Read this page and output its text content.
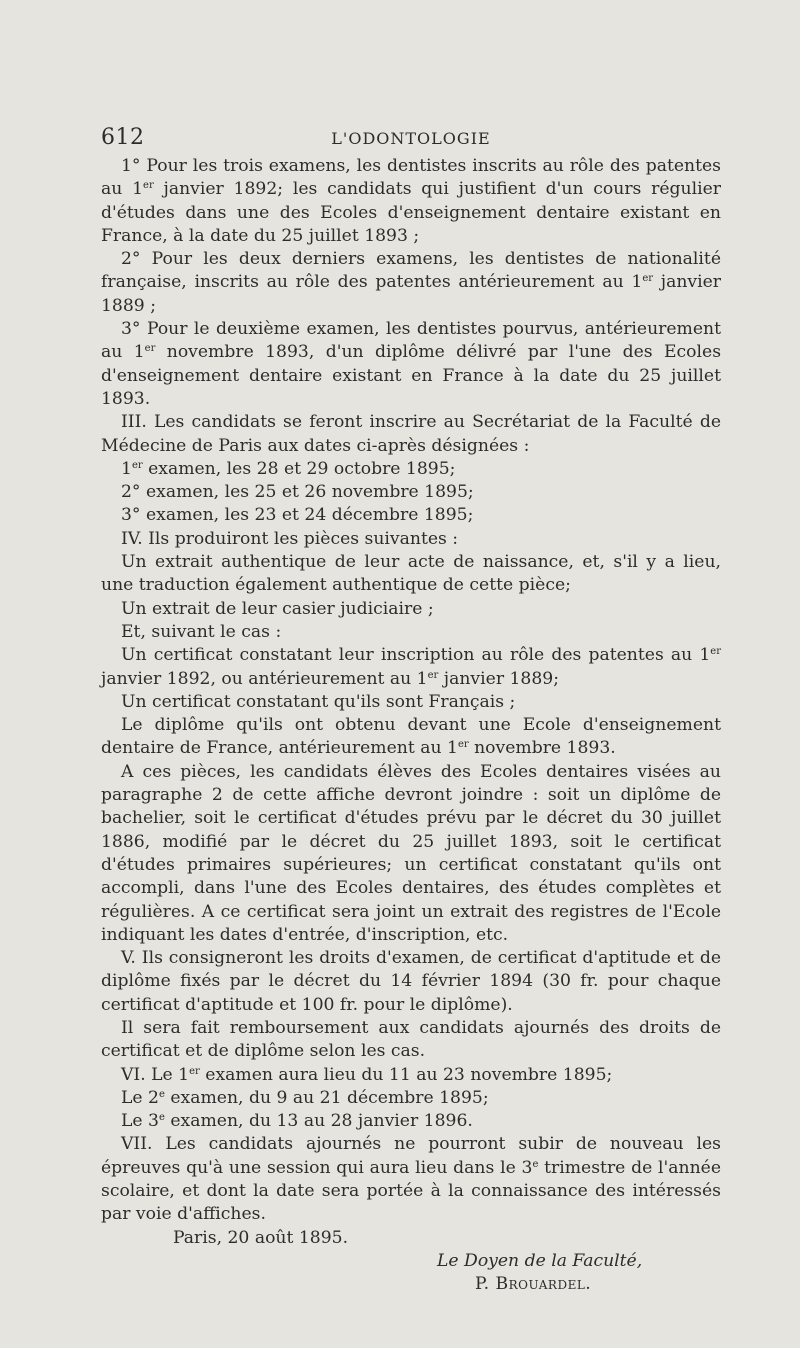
612	L'ODONTOLOGIE

1° Pour les trois examens, les dentistes inscrits au rôle des patentes au 1er janvier 1892; les candidats qui justifient d'un cours régulier d'études dans une des Ecoles d'enseignement dentaire existant en France, à la date du 25 juillet 1893 ;

2° Pour les deux derniers examens, les dentistes de nationalité française, inscrits au rôle des patentes antérieurement au 1er janvier 1889 ;

3° Pour le deuxième examen, les dentistes pourvus, antérieurement au 1er novembre 1893, d'un diplôme délivré par l'une des Ecoles d'enseignement dentaire existant en France à la date du 25 juillet 1893.

III. Les candidats se feront inscrire au Secrétariat de la Faculté de Médecine de Paris aux dates ci-après désignées :

1er examen, les 28 et 29 octobre 1895;

2° examen, les 25 et 26 novembre 1895;

3° examen, les 23 et 24 décembre 1895;

IV. Ils produiront les pièces suivantes :

Un extrait authentique de leur acte de naissance, et, s'il y a lieu, une traduction également authentique de cette pièce;

Un extrait de leur casier judiciaire ;

Et, suivant le cas :

Un certificat constatant leur inscription au rôle des patentes au 1er janvier 1892, ou antérieurement au 1er janvier 1889;

Un certificat constatant qu'ils sont Français ;

Le diplôme qu'ils ont obtenu devant une Ecole d'enseignement dentaire de France, antérieurement au 1er novembre 1893.

A ces pièces, les candidats élèves des Ecoles dentaires visées au paragraphe 2 de cette affiche devront joindre : soit un diplôme de bachelier, soit le certificat d'études prévu par le décret du 30 juillet 1886, modifié par le décret du 25 juillet 1893, soit le certificat d'études primaires supérieures; un certificat constatant qu'ils ont accompli, dans l'une des Ecoles dentaires, des études complètes et régulières. A ce certificat sera joint un extrait des registres de l'Ecole indiquant les dates d'entrée, d'inscription, etc.

V. Ils consigneront les droits d'examen, de certificat d'aptitude et de diplôme fixés par le décret du 14 février 1894 (30 fr. pour chaque certificat d'aptitude et 100 fr. pour le diplôme).

Il sera fait remboursement aux candidats ajournés des droits de certificat et de diplôme selon les cas.

VI. Le 1er examen aura lieu du 11 au 23 novembre 1895;

Le 2e examen, du 9 au 21 décembre 1895;

Le 3e examen, du 13 au 28 janvier 1896.

VII. Les candidats ajournés ne pourront subir de nouveau les épreuves qu'à une session qui aura lieu dans le 3e trimestre de l'année scolaire, et dont la date sera portée à la connaissance des intéressés par voie d'affiches.

Paris, 20 août 1895.

Le Doyen de la Faculté,
P. Brouardel.
